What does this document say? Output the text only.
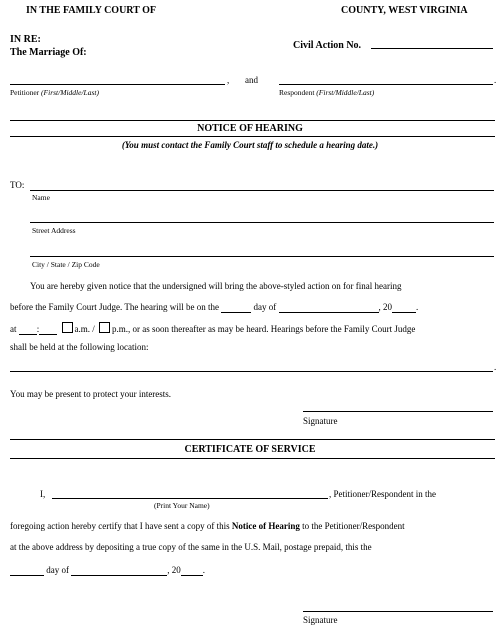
IN THE FAMILY COURT OF	COUNTY, WEST VIRGINIA
IN RE:
The Marriage Of:
Civil Action No.
, and	.
Petitioner (First/Middle/Last)	Respondent (First/Middle/Last)
NOTICE OF HEARING
(You must contact the Family Court staff to schedule a hearing date.)
TO:
Name
Street Address
City / State / Zip Code
You are hereby given notice that the undersigned will bring the above-styled action on for final hearing
before the Family Court Judge. The hearing will be on the	day of	, 20	.
at :	a.m. / p.m., or as soon thereafter as may be heard. Hearings before the Family Court Judge
shall be held at the following location:
.
You may be present to protect your interests.
Signature
CERTIFICATE OF SERVICE
I,	, Petitioner/Respondent in the
(Print Your Name)
foregoing action hereby certify that I have sent a copy of this Notice of Hearing to the Petitioner/Respondent
at the above address by depositing a true copy of the same in the U.S. Mail, postage prepaid, this the
day of	, 20 .
Signature
